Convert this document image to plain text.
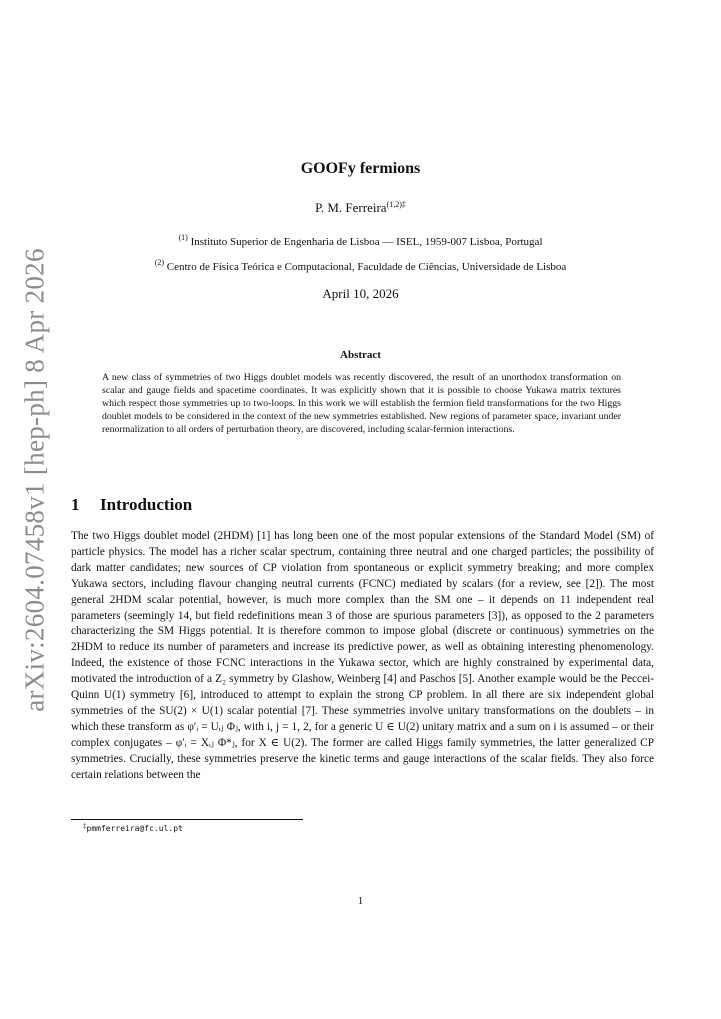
arXiv:2604.07458v1 [hep-ph] 8 Apr 2026
GOOFy fermions
P. M. Ferreira$^{(1,2)\ddagger}$
$^{(1)}$ Instituto Superior de Engenharia de Lisboa — ISEL, 1959-007 Lisboa, Portugal
$^{(2)}$ Centro de Física Teórica e Computacional, Faculdade de Ciências, Universidade de Lisboa
April 10, 2026
Abstract
A new class of symmetries of two Higgs doublet models was recently discovered, the result of an unorthodox transformation on scalar and gauge fields and spacetime coordinates. It was explicitly shown that it is possible to choose Yukawa matrix textures which respect those symmetries up to two-loops. In this work we will establish the fermion field transformations for the two Higgs doublet models to be considered in the context of the new symmetries established. New regions of parameter space, invariant under renormalization to all orders of perturbation theory, are discovered, including scalar-fermion interactions.
1 Introduction
The two Higgs doublet model (2HDM) [1] has long been one of the most popular extensions of the Standard Model (SM) of particle physics. The model has a richer scalar spectrum, containing three neutral and one charged particles; the possibility of dark matter candidates; new sources of CP violation from spontaneous or explicit symmetry breaking; and more complex Yukawa sectors, including flavour changing neutral currents (FCNC) mediated by scalars (for a review, see [2]). The most general 2HDM scalar potential, however, is much more complex than the SM one – it depends on 11 independent real parameters (seemingly 14, but field redefinitions mean 3 of those are spurious parameters [3]), as opposed to the 2 parameters characterizing the SM Higgs potential. It is therefore common to impose global (discrete or continuous) symmetries on the 2HDM to reduce its number of parameters and increase its predictive power, as well as obtaining interesting phenomenology. Indeed, the existence of those FCNC interactions in the Yukawa sector, which are highly constrained by experimental data, motivated the introduction of a Z₂ symmetry by Glashow, Weinberg [4] and Paschos [5]. Another example would be the Peccei-Quinn U(1) symmetry [6], introduced to attempt to explain the strong CP problem. In all there are six independent global symmetries of the SU(2) × U(1) scalar potential [7]. These symmetries involve unitary transformations on the doublets – in which these transform as φ′ᵢ = Uᵢⱼ Φⱼ, with i, j = 1, 2, for a generic U ∈ U(2) unitary matrix and a sum on i is assumed – or their complex conjugates – φ′ᵢ = Xᵢⱼ Φ*ⱼ, for X ∈ U(2). The former are called Higgs family symmetries, the latter generalized CP symmetries. Crucially, these symmetries preserve the kinetic terms and gauge interactions of the scalar fields. They also force certain relations between the
‡pmmferreira@fc.ul.pt
1
